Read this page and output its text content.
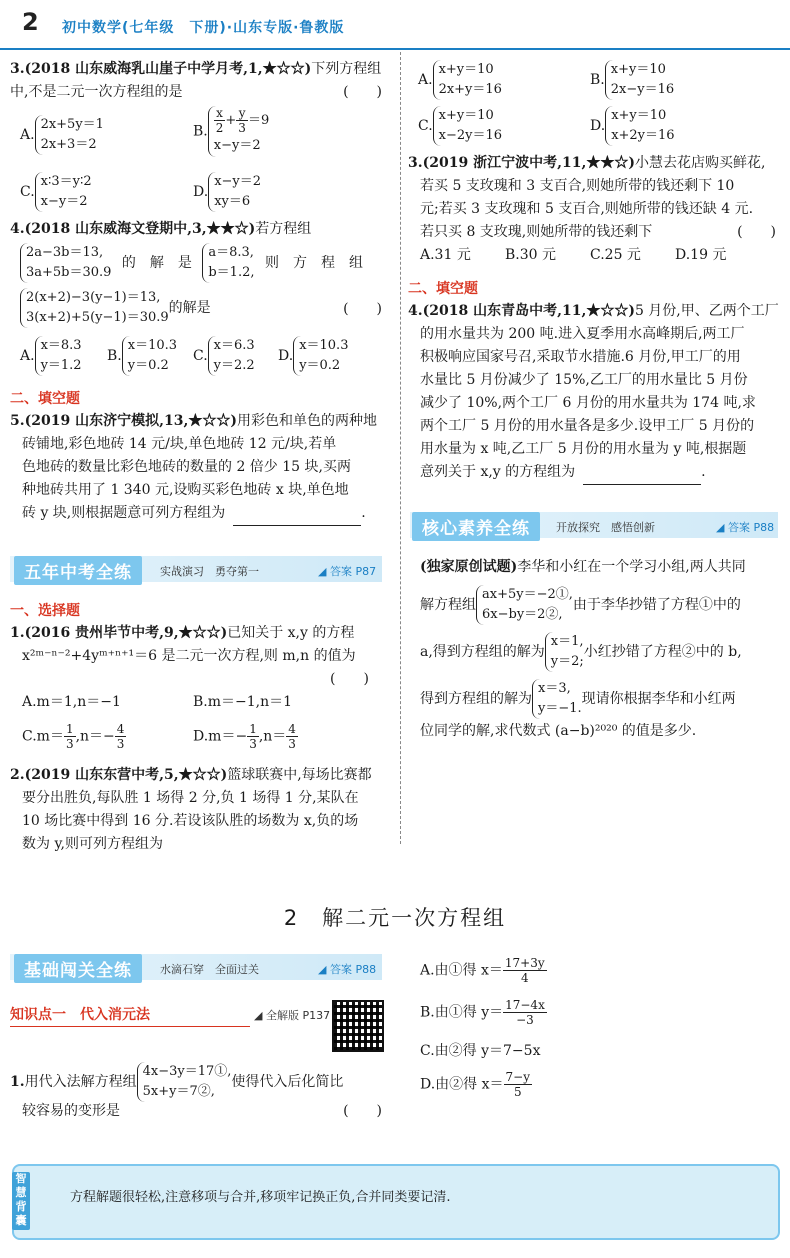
2 初中数学(七年级　下册)·山东专版·鲁教版
3.(2018 山东威海乳山崖子中学月考,1,★☆☆)下列方程组
中,不是二元一次方程组的是	(　　)
A.
2x+5y＝1
2x+3＝2
B. $\frac{x}{2} + \frac{y}{3} =9$
x−y＝2
C.
x∶3＝y∶2
x−y＝2
D.
x−y＝2
xy＝6
4.(2018 山东威海文登期中,3,★★☆)若方程组
2a−3b＝13,
3a+5b＝30.9
的　解　是
a＝8.3,
b＝1.2,
则　方　程　组
2(x+2)−3(y−1)＝13,
3(x+2)+5(y−1)＝30.9
的解是	(　　)
A.
x＝8.3
y＝1.2
B.
x＝10.3
y＝0.2
C.
x＝6.3
y＝2.2
D.
x＝10.3
y＝0.2
二、填空题
5.(2019 山东济宁模拟,13,★☆☆)用彩色和单色的两种地
砖铺地,彩色地砖 14 元/块,单色地砖 12 元/块,若单
色地砖的数量比彩色地砖的数量的 2 倍少 15 块,买两
种地砖共用了 1 340 元,设购买彩色地砖 x 块,单色地
砖 y 块,则根据题意可列方程组为	.
五年中考全练	实战演习　勇夺第一	◢ 答案 P87
一、选择题
1.(2016 贵州毕节中考,9,★☆☆)已知关于 x,y 的方程
x²ᵐ⁻ⁿ⁻²+4yᵐ⁺ⁿ⁺¹＝6 是二元一次方程,则 m,n 的值为
(　　)
A.m＝1,n＝−1	B.m＝−1,n＝1
$C.m= \frac{1}{3} ,n=- \frac{4}{3}$	$D.m=- \frac{1}{3} ,n= \frac{4}{3}$
2.(2019 山东东营中考,5,★☆☆)篮球联赛中,每场比赛都
要分出胜负,每队胜 1 场得 2 分,负 1 场得 1 分,某队在
10 场比赛中得到 16 分.若设该队胜的场数为 x,负的场
数为 y,则可列方程组为
A.
x+y＝10
2x+y＝16
B.
x+y＝10
2x−y＝16
C.
x+y＝10
x−2y＝16
D.
x+y＝10
x+2y＝16
3.(2019 浙江宁波中考,11,★★☆)小慧去花店购买鲜花,
若买 5 支玫瑰和 3 支百合,则她所带的钱还剩下 10
元;若买 3 支玫瑰和 5 支百合,则她所带的钱还缺 4 元.
若只买 8 支玫瑰,则她所带的钱还剩下	(　　)
A.31 元 B.30 元 C.25 元 D.19 元
二、填空题
4.(2018 山东青岛中考,11,★☆☆)5 月份,甲、乙两个工厂
的用水量共为 200 吨.进入夏季用水高峰期后,两工厂
积极响应国家号召,采取节水措施.6 月份,甲工厂的用
水量比 5 月份减少了 15%,乙工厂的用水量比 5 月份
减少了 10%,两个工厂 6 月份的用水量共为 174 吨,求
两个工厂 5 月份的用水量各是多少.设甲工厂 5 月份的
用水量为 x 吨,乙工厂 5 月份的用水量为 y 吨,根据题
意列关于 x,y 的方程组为	.
核心素养全练	开放探究　感悟创新	◢ 答案 P88
(独家原创试题)李华和小红在一个学习小组,两人共同
解方程组
ax+5y＝−2①,
6x−by＝2②,
由于李华抄错了方程①中的
a,得到方程组的解为
x＝1,
y＝2;
小红抄错了方程②中的 b,
得到方程组的解为
x＝3,
y＝−1.
现请你根据李华和小红两
位同学的解,求代数式 (a−b)²⁰²⁰ 的值是多少.
2　解二元一次方程组
基础闯关全练	水滴石穿　全面过关	◢ 答案 P88
知识点一　代入消元法	◢ 全解版 P137
1.用代入法解方程组
4x−3y＝17①,
5x+y＝7②,
使得代入后化简比
较容易的变形是	(　　)
A.由①得 $x= \frac{17+3y}{4}$
B.由①得 $y= \frac{17-4x}{-3}$
C.由②得 y＝7−5x
D.由②得 $x= \frac{7-y}{5}$
智慧背囊
方程解题很轻松,注意移项与合并,移项牢记换正负,合并同类要记清.
